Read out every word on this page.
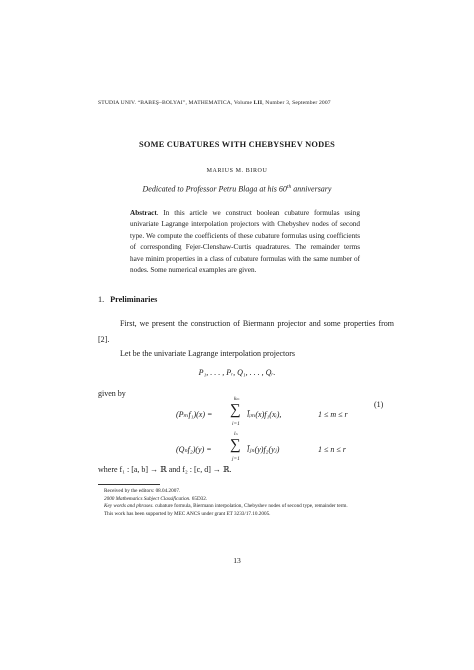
STUDIA UNIV. “BABEŞ–BOLYAI”, MATHEMATICA, Volume LII, Number 3, September 2007
SOME CUBATURES WITH CHEBYSHEV NODES
MARIUS M. BIROU
Dedicated to Professor Petru Blaga at his 60th anniversary
Abstract. In this article we construct boolean cubature formulas using univariate Lagrange interpolation projectors with Chebyshev nodes of second type. We compute the coefficients of these cubature formulas using coefficients of corresponding Fejer-Clenshaw-Curtis quadratures. The remainder terms have minim properties in a class of cubature formulas with the same number of nodes. Some numerical examples are given.
1. Preliminaries
First, we present the construction of Biermann projector and some properties from [2].
Let be the univariate Lagrange interpolation projectors
P₁, . . . , Pᵣ, Q₁, . . . , Qᵣ.
given by
(Pₘf₁)(x) =
kₘ
∑
i=1
l̃ᵢₘ(x)f₁(xᵢ),	1 ≤ m ≤ r
(1)
(Qₙf₂)(y) =
lₙ
∑
j=1
l̃ⱼₙ(y)f₂(yⱼ)	1 ≤ n ≤ r
where f₁ : [a, b] → ℝ and f₂ : [c, d] → ℝ.
Received by the editors: 08.04.2007.
2000 Mathematics Subject Classification. 65D32.
Key words and phrases. cubature formula, Biermann interpolation, Chebyshev nodes of second type, remainder term.
This work has been supported by MEC ANCS under grant ET 3233/17.10.2005.
13
